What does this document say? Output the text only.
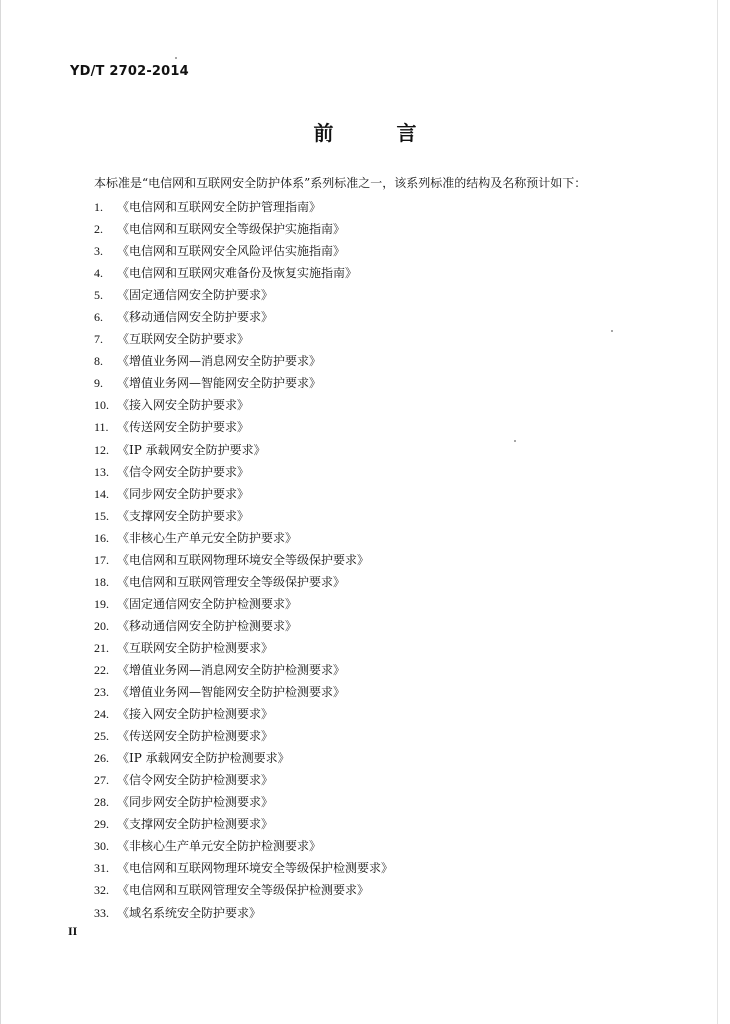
YD/T 2702-2014
前 言
本标准是“电信网和互联网安全防护体系”系列标准之一，该系列标准的结构及名称预计如下：
1. 《电信网和互联网安全防护管理指南》
2. 《电信网和互联网安全等级保护实施指南》
3. 《电信网和互联网安全风险评估实施指南》
4. 《电信网和互联网灾难备份及恢复实施指南》
5. 《固定通信网安全防护要求》
6. 《移动通信网安全防护要求》
7. 《互联网安全防护要求》
8. 《增值业务网—消息网安全防护要求》
9. 《增值业务网—智能网安全防护要求》
10. 《接入网安全防护要求》
11. 《传送网安全防护要求》
12. 《IP 承载网安全防护要求》
13. 《信令网安全防护要求》
14. 《同步网安全防护要求》
15. 《支撑网安全防护要求》
16. 《非核心生产单元安全防护要求》
17. 《电信网和互联网物理环境安全等级保护要求》
18. 《电信网和互联网管理安全等级保护要求》
19. 《固定通信网安全防护检测要求》
20. 《移动通信网安全防护检测要求》
21. 《互联网安全防护检测要求》
22. 《增值业务网—消息网安全防护检测要求》
23. 《增值业务网—智能网安全防护检测要求》
24. 《接入网安全防护检测要求》
25. 《传送网安全防护检测要求》
26. 《IP 承载网安全防护检测要求》
27. 《信令网安全防护检测要求》
28. 《同步网安全防护检测要求》
29. 《支撑网安全防护检测要求》
30. 《非核心生产单元安全防护检测要求》
31. 《电信网和互联网物理环境安全等级保护检测要求》
32. 《电信网和互联网管理安全等级保护检测要求》
33. 《域名系统安全防护要求》
II
